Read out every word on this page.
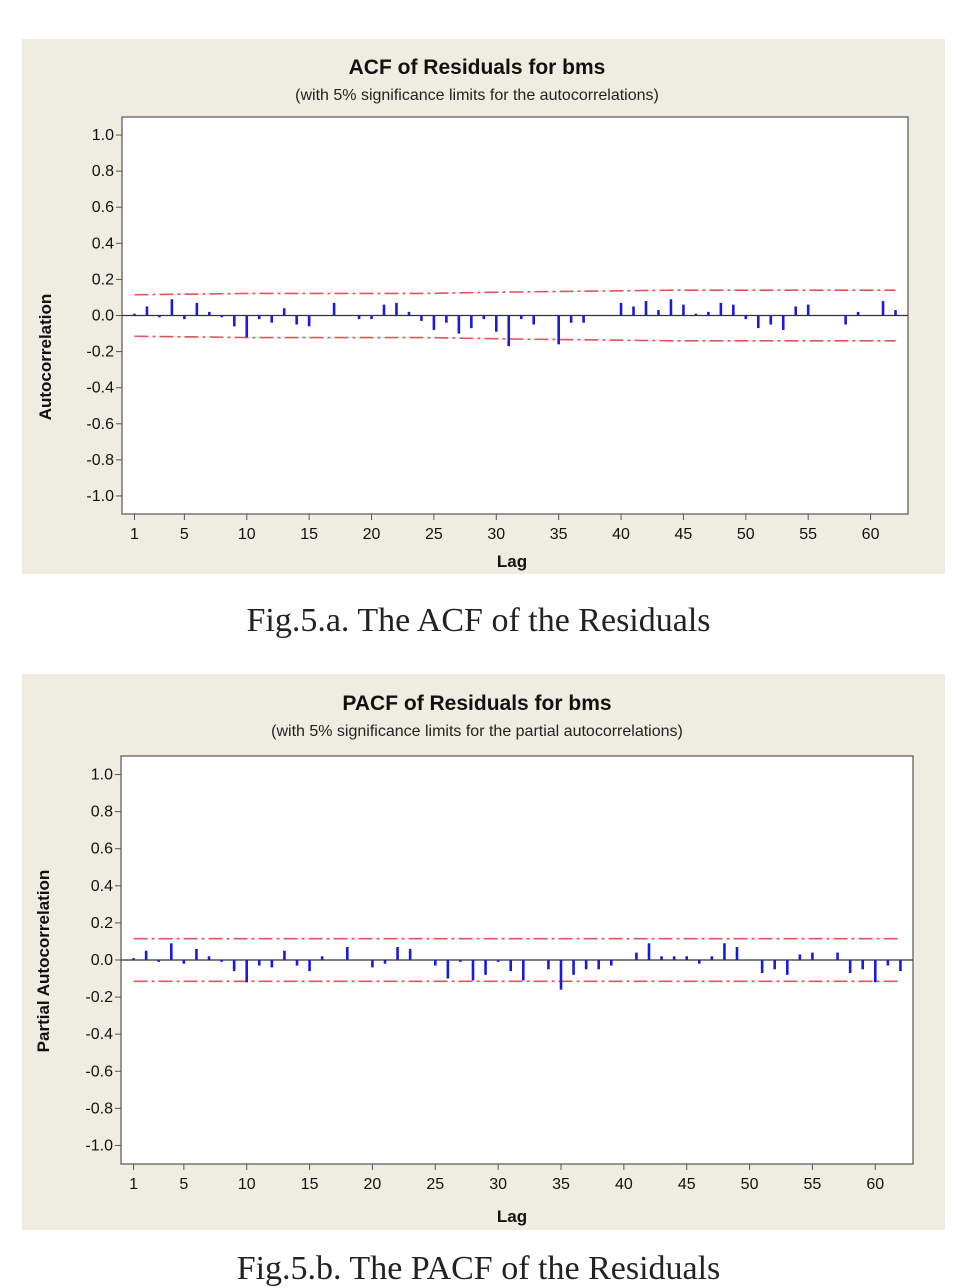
ACF of Residuals for bms
(with 5% significance limits for the autocorrelations)
Lag
Autocorrelation
1.0
0.8
0.6
0.4
0.2
0.0
-0.2
-0.4
-0.6
-0.8
-1.0
1	5	10	15	20	25	30	35	40	45	50	55	60
Fig.5.a. The ACF of the Residuals
PACF of Residuals for bms
(with 5% significance limits for the partial autocorrelations)
Lag
Partial Autocorrelation
1.0
0.8
0.6
0.4
0.2
0.0
-0.2
-0.4
-0.6
-0.8
-1.0
1	5	10	15	20	25	30	35	40	45	50	55	60
Fig.5.b. The PACF of the Residuals
